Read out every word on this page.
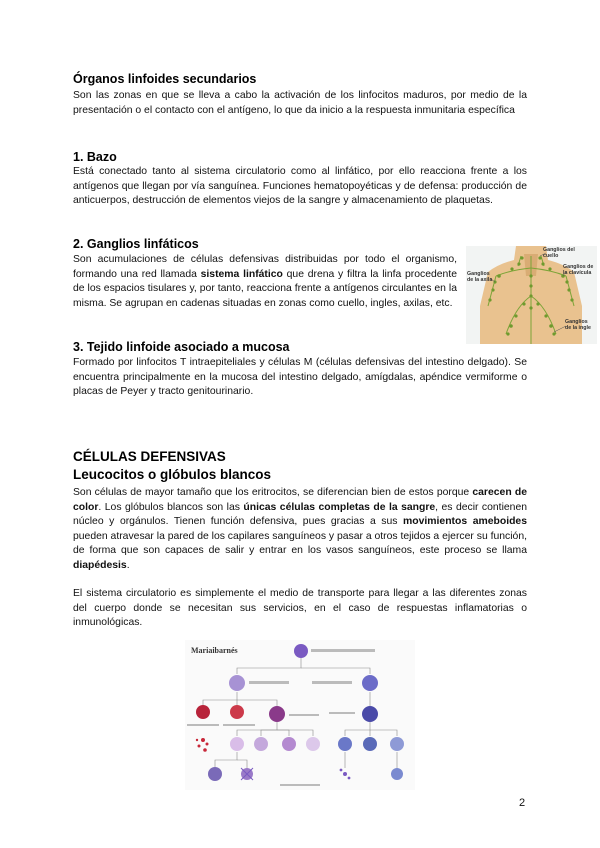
Órganos linfoides secundarios
Son las zonas en que se lleva a cabo la activación de los linfocitos maduros, por medio de la presentación o el contacto con el antígeno, lo que da inicio a la respuesta inmunitaria específica
1. Bazo
Está conectado tanto al sistema circulatorio como al linfático, por ello reacciona frente a los antígenos que llegan por vía sanguínea. Funciones hematopoyéticas y de defensa: producción de anticuerpos, destrucción de elementos viejos de la sangre y almacenamiento de plaquetas.
2. Ganglios linfáticos
Son acumulaciones de células defensivas distribuidas por todo el organismo, formando una red llamada sistema linfático que drena y filtra la linfa procedente de los espacios tisulares y, por tanto, reacciona frente a antígenos circulantes en la misma. Se agrupan en cadenas situadas en zonas como cuello, ingles, axilas, etc.
Ganglios del cuello
Ganglios de la clavícula
Ganglios de la axila
Ganglios de la ingle
3. Tejido linfoide asociado a mucosa
Formado por linfocitos T intraepiteliales y células M (células defensivas del intestino delgado). Se encuentra principalmente en la mucosa del intestino delgado, amígdalas, apéndice vermiforme o placas de Peyer y tracto genitourinario.
CÉLULAS DEFENSIVAS
Leucocitos o glóbulos blancos
Son células de mayor tamaño que los eritrocitos, se diferencian bien de estos porque carecen de color. Los glóbulos blancos son las únicas células completas de la sangre, es decir contienen núcleo y orgánulos. Tienen función defensiva, pues gracias a sus movimientos ameboides pueden atravesar la pared de los capilares sanguíneos y pasar a otros tejidos a ejercer su función, de forma que son capaces de salir y entrar en los vasos sanguíneos, este proceso se llama diapédesis.
El sistema circulatorio es simplemente el medio de transporte para llegar a las diferentes zonas del cuerpo donde se necesitan sus servicios, en el caso de respuestas inflamatorias o inmunológicas.
Mariaibarnés
2
